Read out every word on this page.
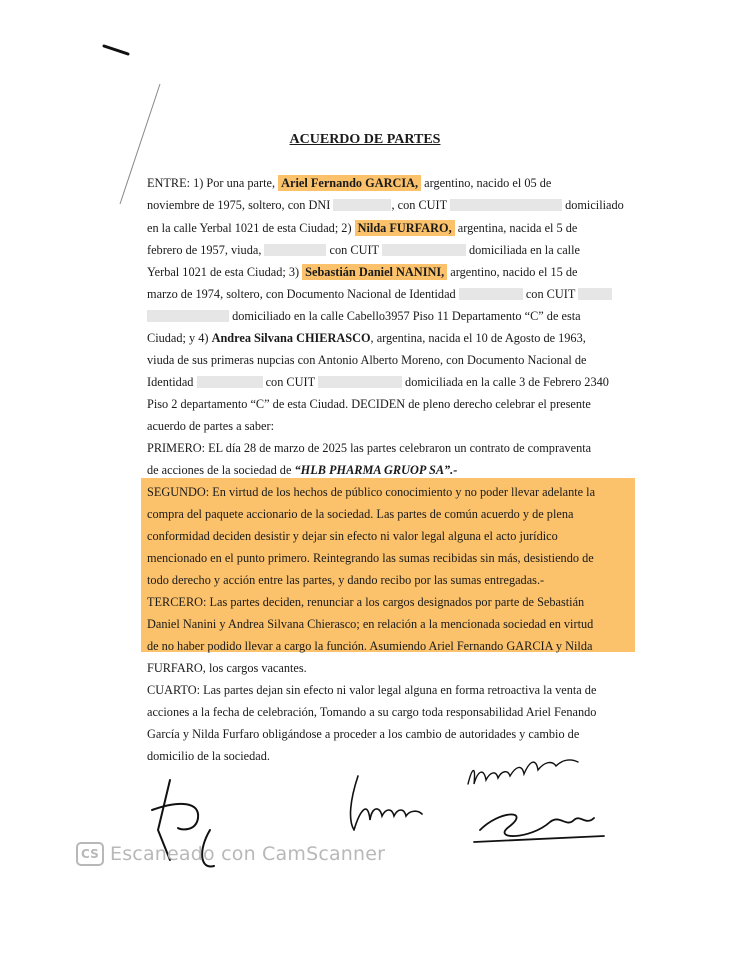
ACUERDO DE PARTES
ENTRE: 1) Por una parte, Ariel Fernando GARCIA, argentino, nacido el 05 de
noviembre de 1975, soltero, con DNI	, con CUIT	domiciliado
en la calle Yerbal 1021 de esta Ciudad; 2) Nilda FURFARO, argentina, nacida el 5 de
febrero de 1957, viuda,	con CUIT	domiciliada en la calle
Yerbal 1021 de esta Ciudad; 3) Sebastián Daniel NANINI, argentino, nacido el 15 de
marzo de 1974, soltero, con Documento Nacional de Identidad	con CUIT
domiciliado en la calle Cabello3957 Piso 11 Departamento “C” de esta
Ciudad; y 4) Andrea Silvana CHIERASCO, argentina, nacida el 10 de Agosto de 1963,
viuda de sus primeras nupcias con Antonio Alberto Moreno, con Documento Nacional de
Identidad	con CUIT	domiciliada en la calle 3 de Febrero 2340
Piso 2 departamento “C” de esta Ciudad. DECIDEN de pleno derecho celebrar el presente
acuerdo de partes a saber:
PRIMERO: EL día 28 de marzo de 2025 las partes celebraron un contrato de compraventa
de acciones de la sociedad de “HLB PHARMA GRUOP SA”.-
SEGUNDO: En virtud de los hechos de público conocimiento y no poder llevar adelante la
compra del paquete accionario de la sociedad. Las partes de común acuerdo y de plena
conformidad deciden desistir y dejar sin efecto ni valor legal alguna el acto jurídico
mencionado en el punto primero. Reintegrando las sumas recibidas sin más, desistiendo de
todo derecho y acción entre las partes, y dando recibo por las sumas entregadas.-
TERCERO: Las partes deciden, renunciar a los cargos designados por parte de Sebastián
Daniel Nanini y Andrea Silvana Chierasco; en relación a la mencionada sociedad en virtud
de no haber podido llevar a cargo la función. Asumiendo Ariel Fernando GARCIA y Nilda
FURFARO, los cargos vacantes.
CUARTO: Las partes dejan sin efecto ni valor legal alguna en forma retroactiva la venta de
acciones a la fecha de celebración, Tomando a su cargo toda responsabilidad Ariel Fenando
García y Nilda Furfaro obligándose a proceder a los cambio de autoridades y cambio de
domicilio de la sociedad.
CS Escaneado con CamScanner
